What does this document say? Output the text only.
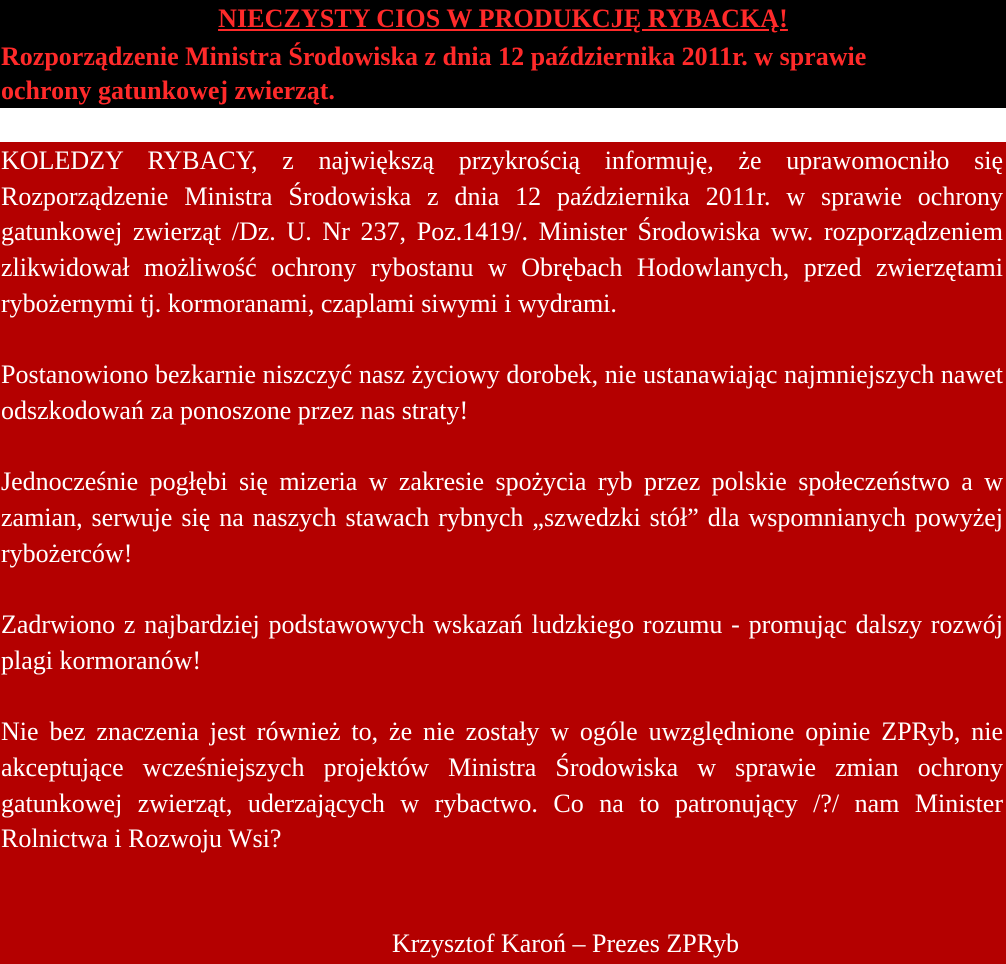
NIECZYSTY CIOS W PRODUKCJĘ RYBACKĄ!
Rozporządzenie Ministra Środowiska z dnia 12 października 2011r. w sprawie ochrony gatunkowej zwierząt.

KOLEDZY RYBACY, z największą przykrością informuję, że uprawomocniło się Rozporządzenie Ministra Środowiska z dnia 12 października 2011r. w sprawie ochrony gatunkowej zwierząt /Dz. U. Nr 237, Poz.1419/. Minister Środowiska ww. rozporządzeniem zlikwidował możliwość ochrony rybostanu w Obrębach Hodowlanych, przed zwierzętami rybożernymi tj. kormoranami, czaplami siwymi i wydrami.

Postanowiono bezkarnie niszczyć nasz życiowy dorobek, nie ustanawiając najmniejszych nawet odszkodowań za ponoszone przez nas straty!

Jednocześnie pogłębi się mizeria w zakresie spożycia ryb przez polskie społeczeństwo a w zamian, serwuje się na naszych stawach rybnych „szwedzki stół” dla wspomnianych powyżej rybożerców!

Zadrwiono z najbardziej podstawowych wskazań ludzkiego rozumu - promując dalszy rozwój plagi kormoranów!

Nie bez znaczenia jest również to, że nie zostały w ogóle uwzględnione opinie ZPRyb, nie akceptujące wcześniejszych projektów Ministra Środowiska w sprawie zmian ochrony gatunkowej zwierząt, uderzających w rybactwo. Co na to patronujący /?/ nam Minister Rolnictwa i Rozwoju Wsi?

Krzysztof Karoń – Prezes ZPRyb
